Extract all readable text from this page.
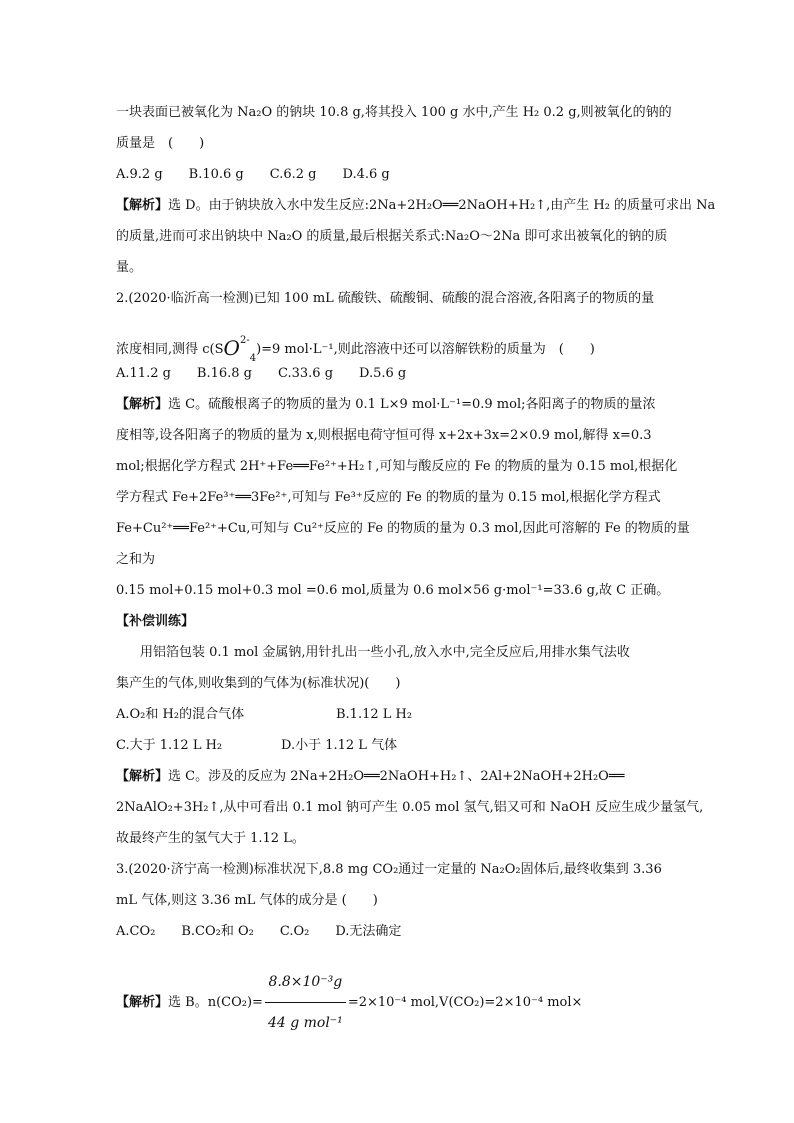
一块表面已被氧化为 Na₂O 的钠块 10.8 g,将其投入 100 g 水中,产生 H₂ 0.2 g,则被氧化的钠的
质量是　(　　)
A.9.2 g　　B.10.6 g　　C.6.2 g　　D.4.6 g
【解析】选 D。由于钠块放入水中发生反应:2Na+2H₂O══2NaOH+H₂↑,由产生 H₂ 的质量可求出 Na
的质量,进而可求出钠块中 Na₂O 的质量,最后根据关系式:Na₂O～2Na 即可求出被氧化的钠的质
量。
2.(2020·临沂高一检测)已知 100 mL 硫酸铁、硫酸铜、硫酸的混合溶液,各阳离子的物质的量
浓度相同,测得 $c(SO^{2-}_4)=9$ mol·L⁻¹,则此溶液中还可以溶解铁粉的质量为　(　　)
A.11.2 g　　B.16.8 g　　C.33.6 g　　D.5.6 g
【解析】选 C。硫酸根离子的物质的量为 0.1 L×9 mol·L⁻¹=0.9 mol;各阳离子的物质的量浓
度相等,设各阳离子的物质的量为 x,则根据电荷守恒可得 x+2x+3x=2×0.9 mol,解得 x=0.3
mol;根据化学方程式 2H⁺+Fe══Fe²⁺+H₂↑,可知与酸反应的 Fe 的物质的量为 0.15 mol,根据化
学方程式 Fe+2Fe³⁺══3Fe²⁺,可知与 Fe³⁺反应的 Fe 的物质的量为 0.15 mol,根据化学方程式
Fe+Cu²⁺══Fe²⁺+Cu,可知与 Cu²⁺反应的 Fe 的物质的量为 0.3 mol,因此可溶解的 Fe 的物质的量
之和为
0.15 mol+0.15 mol+0.3 mol =0.6 mol,质量为 0.6 mol×56 g·mol⁻¹=33.6 g,故 C 正确。
【补偿训练】
用铝箔包装 0.1 mol 金属钠,用针扎出一些小孔,放入水中,完全反应后,用排水集气法收
集产生的气体,则收集到的气体为(标准状况)(　　)
A.O₂和 H₂的混合气体	B.1.12 L H₂
C.大于 1.12 L H₂	D.小于 1.12 L 气体
【解析】选 C。涉及的反应为 2Na+2H₂O══2NaOH+H₂↑、2Al+2NaOH+2H₂O══
2NaAlO₂+3H₂↑,从中可看出 0.1 mol 钠可产生 0.05 mol 氢气,铝又可和 NaOH 反应生成少量氢气,
故最终产生的氢气大于 1.12 L。
3.(2020·济宁高一检测)标准状况下,8.8 mg CO₂通过一定量的 Na₂O₂固体后,最终收集到 3.36
mL 气体,则这 3.36 mL 气体的成分是 (　　)
A.CO₂　　B.CO₂和 O₂　　C.O₂　　D.无法确定
【解析】选 B。$n(CO_2)= \frac{\text{8.8×10⁻³g}}{\text{44 g mol⁻¹}} =2\times 10^{-4}$ mol,V(CO₂)=2×10⁻⁴ mol×
